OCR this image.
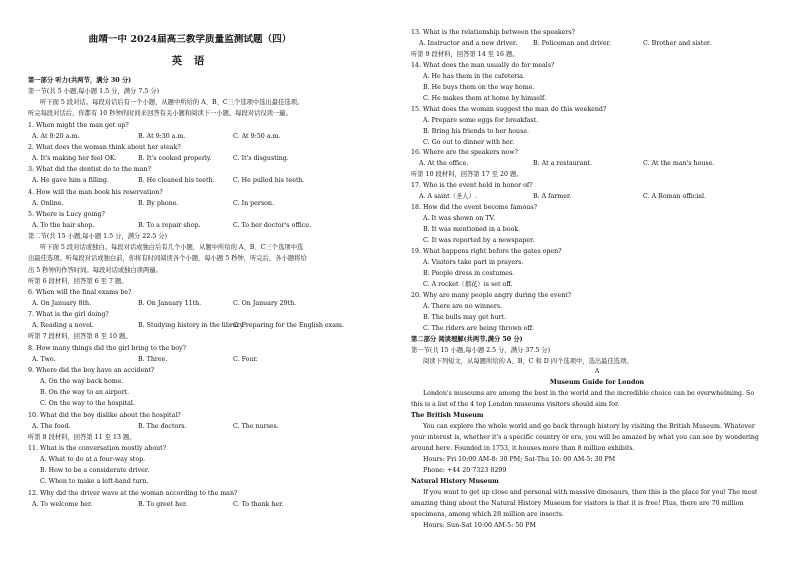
曲靖一中 2024届高三教学质量监测试题（四）
英 语
第一部分 听力(共两节，满分 30 分)
第一节(共 5 小题,每小题 1.5 分，满分 7.5 分)
听下面 5 段对话。每段对话后有一个小题，从题中所给的 A、B、C三个选项中选出最佳选项。
听完每段对话后，你都有 10 秒钟的时间来回答有关小题和阅读下一小题。每段对话仅读一遍。
1. When might the man get up?
A. At 9:20 a.m.	B. At 9:30 a.m.	C. At 9:50 a.m.
2. What does the woman think about her steak?
A. It's making her feel OK.	B. It's cooked properly.	C. It's disgusting.
3. What did the dentist do to the man?
A. He gave him a filling.	B. He cleaned his teeth.	C. He pulled his teeth.
4. How will the man book his reservation?
A. Online.	B. By phone.	C. In person.
5. Where is Lucy going?
A. To the hair shop.	B. To a repair shop.	C. To her doctor's office.
第二节(共 15 小题,每小题 1.5 分，满分 22.5 分)
听下面 5 段对话或独白。每段对话或独白后有几个小题，从题中所给的 A、B、C三个选项中选
出最佳选项。听每段对话或独白前，你将有时间阅读各个小题，每小题 5 秒钟，听完后，各小题将给
出 5 秒钟的作答时间。每段对话或独白读两遍。
听第 6 段材料，回答第 6 至 7 题。
6. When will the final exams be?
A. On January 8th.	B. On January 11th.	C. On January 29th.
7. What is the girl doing?
A. Reading a novel.	B. Studying history in the library.
C. Preparing for the English exam.
听第 7 段材料，回答第 8 至 10 题。
8. How many things did the girl bring to the boy?
A. Two.	B. Three.	C. Four.
9. Where did the boy have an accident?
A. On the way back home.
B. On the way to an airport.
C. On the way to the hospital.
10. What did the boy dislike about the hospital?
A. The food.	B. The doctors.	C. The nurses.
听第 8 段材料，回答第 11 至 13 题。
11. What is the conversation mostly about?
A. What to do at a four-way stop.
B. How to be a considerate driver.
C. When to make a left-hand turn.
12. Why did the driver wave at the woman according to the man?
A. To welcome her.	B. To greet her.	C. To thank her.
13. What is the relationship between the speakers?
A. Instructor and a new driver.	B. Policeman and driver.	C. Brother and sister.
听第 9 段材料，回答第 14 至 16 题。
14. What does the man usually do for meals?
A. He has them in the cafeteria.
B. He buys them on the way home.
C. He makes them at home by himself.
15. What does the woman suggest the man do this weekend?
A. Prepare some eggs for breakfast.
B. Bring his friends to her house.
C. Go out to dinner with her.
16. Where are the speakers now?
A. At the office.	B. At a restaurant.	C. At the man's house.
听第 10 段材料，回答第 17 至 20 题。
17. Who is the event held in honor of?
A. A saint（圣人）.	B. A farmer.	C. A Roman official.
18. How did the event become famous?
A. It was shown on TV.
B. It was mentioned in a book.
C. It was reported by a newspaper.
19. What happens right before the gates open?
A. Visitors take part in prayers.
B. People dress in costumes.
C. A rocket（烟花）is set off.
20. Why are many people angry during the event?
A. There are no winners.
B. The bulls may get hurt.
C. The riders are being thrown off.
第二部分 阅读理解(共两节,满分 50 分)
第一节(共 15 小题,每小题 2.5 分，满分 37.5 分)
阅读下列短文，从每题所给的 A、B、C 和 D 四个选项中，选出最佳选项。
A
Museum Guide for London
London's museums are among the best in the world and the incredible choice can be overwhelming. So
this is a list of the 4 top London museums visitors should aim for.
The British Museum
You can explore the whole world and go back through history by visiting the British Museum. Whatever
your interest is, whether it's a specific country or era, you will be amazed by what you can see by wondering
around here. Founded in 1753, it houses more than 8 million exhibits.
Hours: Fri 10:00 AM-8: 30 PM; Sat-Thu 10: 00 AM-5: 30 PM
Phone: +44 20 7323 8299
Natural History Museum
If you want to get up close and personal with massive dinosaurs, then this is the place for you! The most
amazing thing about the Natural History Museum for visitors is that it is free! Plus, there are 70 million
specimens, among which 28 million are insects.
Hours: Sun-Sat 10:00 AM-5: 50 PM
